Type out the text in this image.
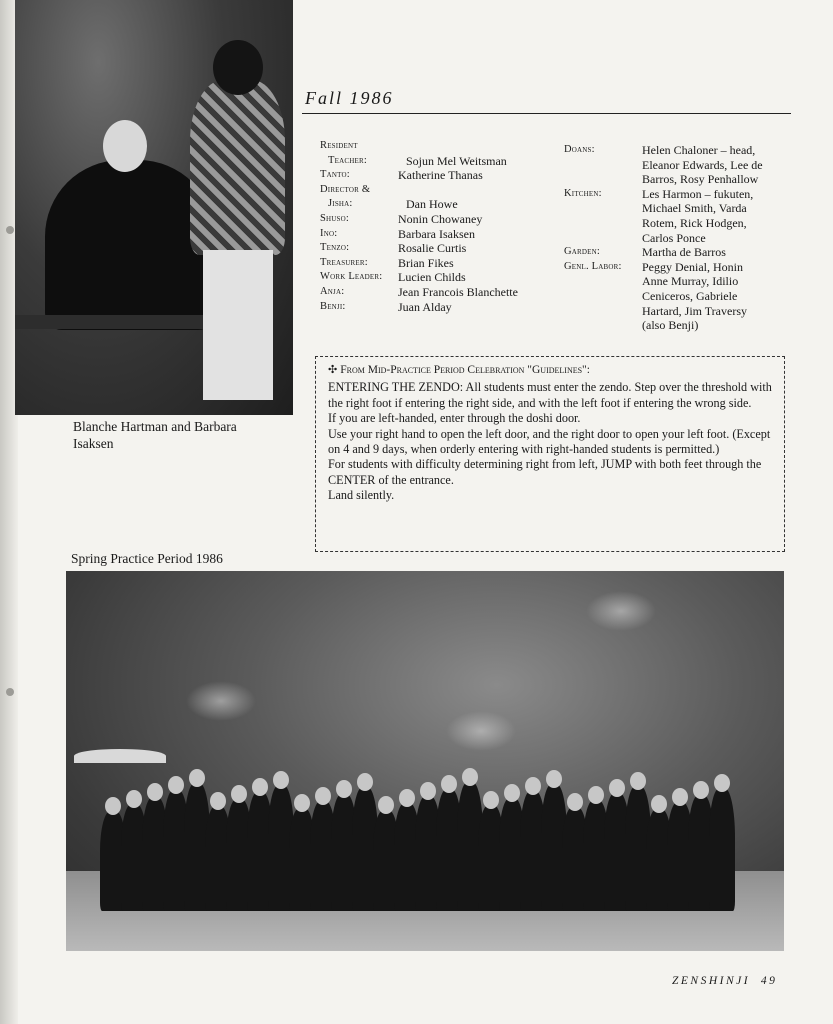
Blanche Hartman and Barbara Isaksen
Fall 1986
Resident
Teacher:	Sojun Mel Weitsman
Tanto:	Katherine Thanas
Director &
Jisha:	Dan Howe
Shuso:	Nonin Chowaney
Ino:	Barbara Isaksen
Tenzo:	Rosalie Curtis
Treasurer:	Brian Fikes
Work Leader:	Lucien Childs
Anja:	Jean Francois Blanchette
Benji:	Juan Alday
Doans:	Helen Chaloner – head,
Eleanor Edwards, Lee de
Barros, Rosy Penhallow
Kitchen:	Les Harmon – fukuten,
Michael Smith, Varda
Rotem, Rick Hodgen,
Carlos Ponce
Garden:	Martha de Barros
Genl. Labor:	Peggy Denial, Honin
Anne Murray, Idilio
Ceniceros, Gabriele
Hartard, Jim Traversy
(also Benji)
✣ From Mid-Practice Period Celebration "Guidelines":

ENTERING THE ZENDO: All students must enter the zendo. Step over the threshold with the right foot if entering the right side, and with the left foot if entering the wrong side.

If you are left-handed, enter through the doshi door.

Use your right hand to open the left door, and the right door to open your left foot. (Except on 4 and 9 days, when orderly entering with right-handed students is permitted.)

For students with difficulty determining right from left, JUMP with both feet through the CENTER of the entrance.

Land silently.

Spring Practice Period 1986
ZENSHINJI 49
